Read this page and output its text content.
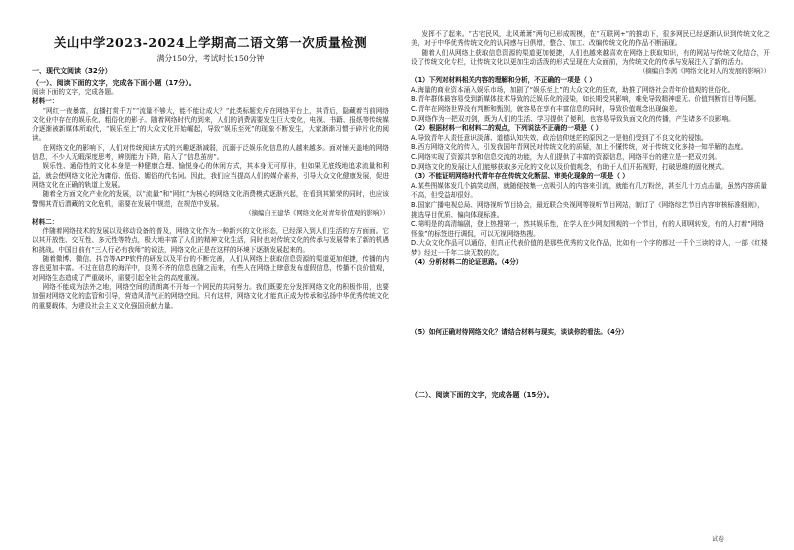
关山中学2023-2024上学期高二语文第一次质量检测
满分150分，考试时长150分钟
一、现代文阅读（32分）
（一）、阅读下面的文字，完成各下面小题（17分）。

阅读下面的文字，完成各题。

材料一：

“网红一夜暴富，直播打赏千万”“流量不够大，能不能让成大？”此类标题充斥在网络平台上，其背后，隐藏着当前网络文化业中存在的娱乐化、粗俗化的影子。随着网络时代的到来，人们的消费需要发生巨大变化，电视、书籍、报纸等传统媒介逐渐被新媒体所取代，“娱乐至上”的大众文化开始崛起，导致“娱乐至死”的现象不断发生，大家渐渐习惯于碎片化的阅读。

在网络文化的影响下，人们对传统阅读方式的兴趣逐渐减弱，沉溺于泛娱乐化信息的人越来越多。面对铺天盖地的网络信息，不少人无暇深度思考，辨别能力下降，陷入了“信息茧房”。

娱乐性、通俗性的文化本身是一种健康合理、愉悦身心的休闲方式，其本身无可厚非，但如果无底线地追求流量和利益，就会使网络文化沦为庸俗、低俗、媚俗的代名词。因此，我们应当提高人们的媒介素养，引导大众文化健康发展，促进网络文化在正确的轨道上发展。

随着全方面文化产业化的发展，以“流量”和“网红”为核心的网络文化消费模式逐渐兴起，在看到其繁荣的同时，也应该警惕其背后潜藏的文化危机，需要在发展中规范，在规范中发展。

（摘编自王建华《网络文化对青年价值观的影响》）

材料二：

伴随着网络技术的发展以及移动设备的普及，网络文化作为一种新兴的文化形态，已经深入到人们生活的方方面面。它以其开放性、交互性、多元性等特点，极大地丰富了人们的精神文化生活，同时也对传统文化的传承与发展带来了新的机遇和挑战。中国目前有“三人行必有我师”的说法，网络文化正是在这样的环境下逐渐发展起来的。

随着微博、微信、抖音等APP软件的研发以及平台的不断完善，人们从网络上获取信息资源的渠道更加便捷，传播的内容也更加丰富。不过在信息的海洋中，良莠不齐的信息也随之而来，有些人在网络上肆意发布虚假信息，传播不良价值观，对网络生态造成了严重破坏，需要引起全社会的高度重视。

网络不能成为法外之地，网络空间的清朗离不开每一个网民的共同努力。我们既要充分发挥网络文化的积极作用，也要加强对网络文化的监管和引导，营造风清气正的网络空间。只有这样，网络文化才能真正成为传承和弘扬中华优秀传统文化的重要载体，为建设社会主义文化强国贡献力量。

发挥不了起来。“古宅民风，北风萧萧”两句已形成规模，在“互联网+”的推动下，很多网民已经逐渐认识到传统文化之美，对于中华优秀传统文化的认同感与日俱增，整合、加工、改编传统文化的作品不断涌现。

随着人们从网络上获取信息资源的渠道更加便捷，人们也越来越喜欢在网络上获取知识，有的网站与传统文化结合，开设了传统文化专栏，让传统文化以更加生动活泼的形式呈现在大众面前，为传统文化的传承与发展注入了新的活力。

（摘编自李茜《网络文化对人的发展的影响》）

（1）下列对材料相关内容的理解和分析，不正确的一项是（ ）

A.海量的商业资本涌入娱乐市场，加剧了“娱乐至上”的大众文化的狂欢，助推了网络社会青年价值观的世俗化。

B.青年群体最容易受到新媒体技术导致的泛娱乐化的浸染，如长期受其影响，难免导致精神虚无、价值判断盲目等问题。

C.青年在网络世界没有判断和甄别，就容易在享有丰富信息的同时，导致价值观念出现偏差。

D.网络作为一把双刃剑，既为人们的生活、学习提供了便利，也容易导致负面文化的传播，产生诸多不良影响。

（2）根据材料一和材料二的观点，下列说法不正确的一项是（ ）

A.导致青年人责任意识淡薄、道德认知失效、政治信仰迷茫的原因之一是他们受到了不良文化的侵蚀。

B.西方网络文化的传入，引发我国年青网民对传统文化的质疑，加上不懂传统，对于传统文化多持一知半解的态度。

C.网络实现了资源共享和信息交流的功能，为人们提供了丰富的资源信息，网络平台的建立是一把双刃剑。

D.网络文化的发展让人们能够获取多元化的文化以及价值观念，有助于人们开拓视野，打破思维的固化模式。

（3）不能证明网络时代青年存在传统文化断层、审美化现象的一项是（ ）

A.某些图媒体发几个搞笑动图，就随便按集一点吸引人的内容来引流，就能有几万粉丝，甚至几十万点击量，虽然内容质量不高，但受益却很好。

B.国家广播电视总局、网络视听节目协会，最近联合央视网等视听节目网站，制订了《网络综艺节目内容审核标准细则》，挑选导目优质、偏向体现标准。

C.第明是的高清编剧，登上热搜第一，然其娱乐性，在学人在少网友围观的一个节目，有的人即网转发，有的人打着“网络怪象”的标签进行调侃，可以无视网络热搜。

D.大众文化作品可以通俗，但真正代表价值的是那些优秀的文化作品，比如有一个字的都过一千个三读的诗人，一部《红楼梦》经过一千年二读无数的次。

（4）分析材料二的论证思路。（4分）

（5）如何正确对待网络文化？请结合材料与现实，谈谈你的看法。（4分）

（二）、阅读下面的文字，完成各题（15分）。
试卷
